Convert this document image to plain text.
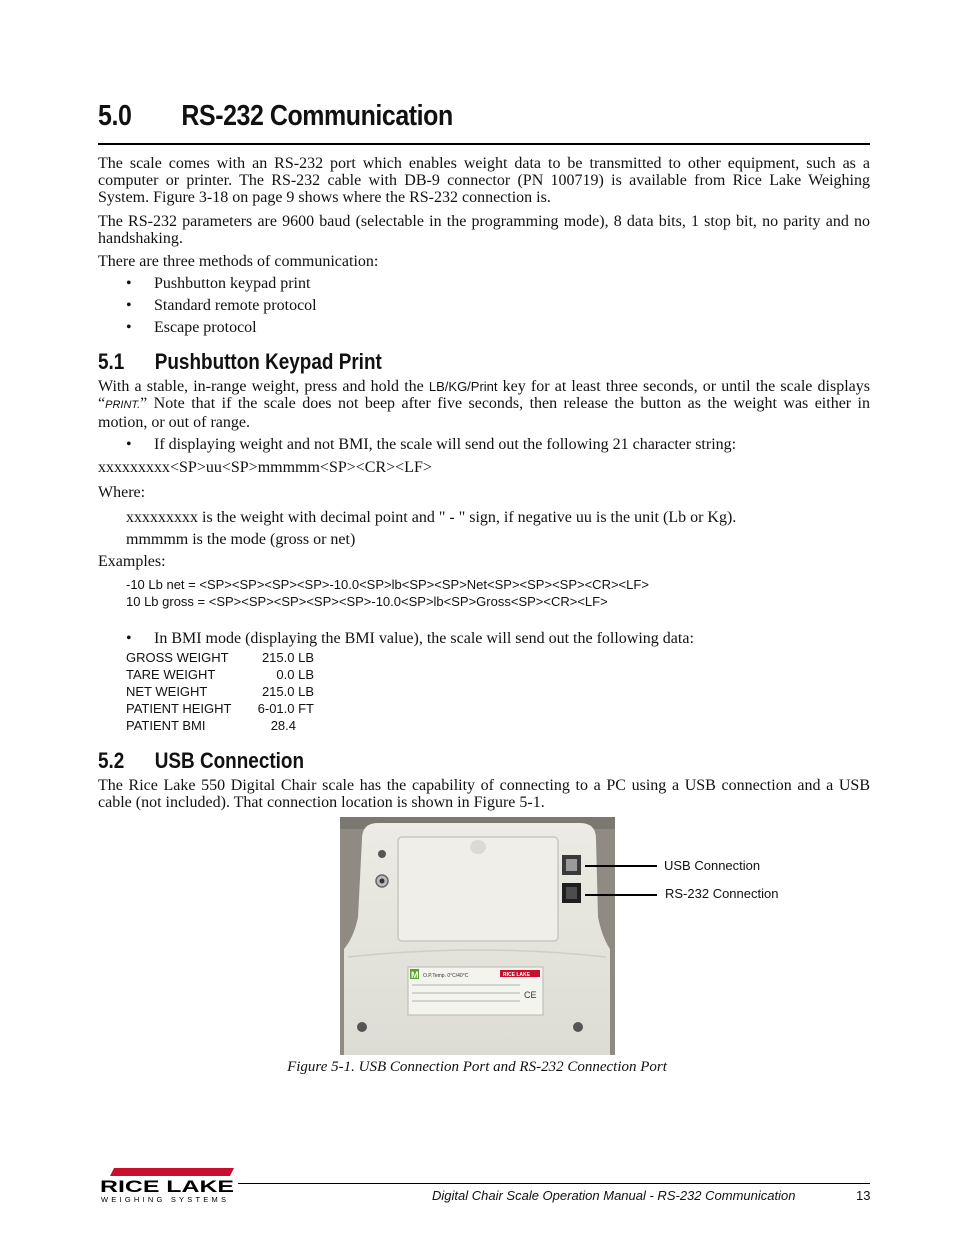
5.0 RS-232 Communication
The scale comes with an RS-232 port which enables weight data to be transmitted to other equipment, such as a computer or printer. The RS-232 cable with DB-9 connector (PN 100719) is available from Rice Lake Weighing System. Figure 3-18 on page 9 shows where the RS-232 connection is.
The RS-232 parameters are 9600 baud (selectable in the programming mode), 8 data bits, 1 stop bit, no parity and no handshaking.
There are three methods of communication:
• Pushbutton keypad print
• Standard remote protocol
• Escape protocol
5.1 Pushbutton Keypad Print
With a stable, in-range weight, press and hold the LB/KG/Print key for at least three seconds, or until the scale displays “PRINT.” Note that if the scale does not beep after five seconds, then release the button as the weight was either in motion, or out of range.
• If displaying weight and not BMI, the scale will send out the following 21 character string:
xxxxxxxxx<SP>uu<SP>mmmmm<SP><CR><LF>
Where:
xxxxxxxxx is the weight with decimal point and " - " sign, if negative uu is the unit (Lb or Kg).
mmmmm is the mode (gross or net)
Examples:
-10 Lb net = <SP><SP><SP><SP>-10.0<SP>lb<SP><SP>Net<SP><SP><SP><CR><LF>
10 Lb gross = <SP><SP><SP><SP><SP>-10.0<SP>lb<SP>Gross<SP><CR><LF>
• In BMI mode (displaying the BMI value), the scale will send out the following data:
GROSS WEIGHT	215.0 LB
TARE WEIGHT	0.0 LB
NET WEIGHT	215.0 LB
PATIENT HEIGHT	6-01.0 FT
PATIENT BMI	28.4
5.2 USB Connection
The Rice Lake 550 Digital Chair scale has the capability of connecting to a PC using a USB connection and a USB cable (not included). That connection location is shown in Figure 5-1.
M O.P.Temp. 0°C/40°C	RICE LAKE
CE
USB Connection
RS-232 Connection
Figure 5-1. USB Connection Port and RS-232 Connection Port
RICE LAKE
WEIGHING SYSTEMS	Digital Chair Scale Operation Manual - RS-232 Communication	13
